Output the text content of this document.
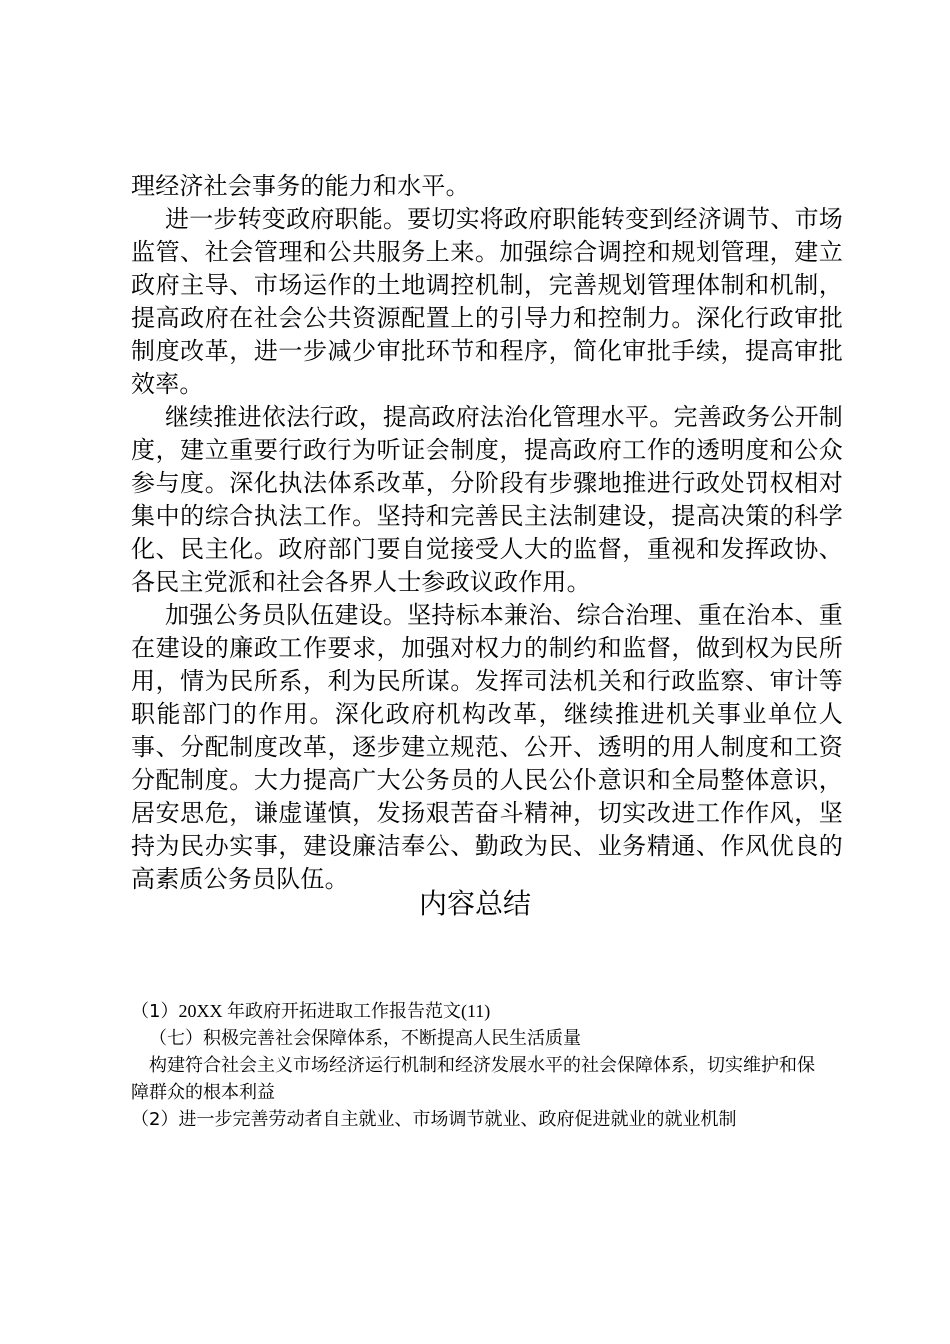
理经济社会事务的能力和水平。

进一步转变政府职能。要切实将政府职能转变到经济调节、市场监管、社会管理和公共服务上来。加强综合调控和规划管理，建立政府主导、市场运作的土地调控机制，完善规划管理体制和机制，提高政府在社会公共资源配置上的引导力和控制力。深化行政审批制度改革，进一步减少审批环节和程序，简化审批手续，提高审批效率。

继续推进依法行政，提高政府法治化管理水平。完善政务公开制度，建立重要行政行为听证会制度，提高政府工作的透明度和公众参与度。深化执法体系改革，分阶段有步骤地推进行政处罚权相对集中的综合执法工作。坚持和完善民主法制建设，提高决策的科学化、民主化。政府部门要自觉接受人大的监督，重视和发挥政协、各民主党派和社会各界人士参政议政作用。

加强公务员队伍建设。坚持标本兼治、综合治理、重在治本、重在建设的廉政工作要求，加强对权力的制约和监督，做到权为民所用，情为民所系，利为民所谋。发挥司法机关和行政监察、审计等职能部门的作用。深化政府机构改革，继续推进机关事业单位人事、分配制度改革，逐步建立规范、公开、透明的用人制度和工资分配制度。大力提高广大公务员的人民公仆意识和全局整体意识，居安思危，谦虚谨慎，发扬艰苦奋斗精神，切实改进工作作风，坚持为民办实事，建设廉洁奉公、勤政为民、业务精通、作风优良的高素质公务员队伍。

内容总结

（1）20XX 年政府开拓进取工作报告范文(11)

（七）积极完善社会保障体系，不断提高人民生活质量

构建符合社会主义市场经济运行机制和经济发展水平的社会保障体系，切实维护和保障群众的根本利益

（2）进一步完善劳动者自主就业、市场调节就业、政府促进就业的就业机制
